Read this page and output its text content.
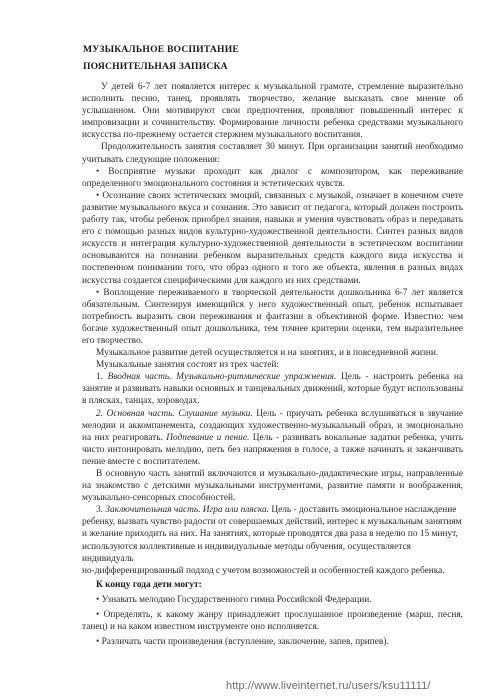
МУЗЫКАЛЬНОЕ ВОСПИТАНИЕ
ПОЯСНИТЕЛЬНАЯ ЗАПИСКА

У детей 6-7 лет появляется интерес к музыкальной грамоте, стремление выразительно исполнить песню, танец, проявлять творчество, желание высказать свое мнение об услышанном. Они мотивируют свои предпочтения, проявляют повышенный интерес к импровизации и сочинительству. Формирование личности ребенка средствами музыкального искусства по-прежнему остается стержнем музыкального воспитания.

Продолжительность занятия составляет 30 минут. При организации занятий необходимо учитывать следующие положения:

• Восприятие музыки проходит как диалог с композитором, как переживание определенного эмоционального состояния и эстетических чувств.

• Осознание своих эстетических эмоций, связанных с музыкой, означает в конечном счете развитие музыкального вкуса и сознания. Это зависит от педагога, который должен построить работу так, чтобы ребенок приобрел знания, навыки и умения чувствовать образ и передавать его с помощью разных видов культурно-художественной деятельности. Синтез разных видов искусств и интеграция культурно-художественной деятельности в эстетическом воспитании основываются на познании ребенком выразительных средств каждого вида искусства и постепенном понимании того, что образ одного и того же объекта, явления в разных видах искусства создается специфическими для каждого из них средствами.

• Воплощение переживаемого в творческой деятельности дошкольника 6-7 лет является обязательным. Синтезируя имеющийся у него художественный опыт, ребенок испытывает потребность выразить свои переживания и фантазии в объективной форме. Известно: чем богаче художественный опыт дошкольника, тем точнее критерии оценки, тем выразительнее его творчество.

Музыкальное развитие детей осуществляется и на занятиях, и в повседневной жизни.

Музыкальные занятия состоят из трех частей:

1. Вводная часть. Музыкально-ритмические упражнения. Цель - настроить ребенка на занятие и развивать навыки основных и танцевальных движений, которые будут использованы в плясках, танцах, хороводах.

2. Основная часть. Слушание музыки. Цель - приучать ребенка вслушиваться в звучание мелодии и аккомпанемента, создающих художественно-музыкальный образ, и эмоционально на них реагировать. Подпевание и пение. Цель - развивать вокальные задатки ребенка, учить чисто интонировать мелодию, петь без напряжения в голосе, а также начинать и заканчивать пение вместе с воспитателем.

В основную часть занятий включаются и музыкально-дидактические игры, направленные на знакомство с детскими музыкальными инструментами, развитие памяти и воображения, музыкально-сенсорных способностей.

3. Заключительная часть. Игра или пляска. Цель - доставить эмоциональное наслаждение ребенку, вызвать чувство радости от совершаемых действий, интерес к музыкальным занятиям

и желание приходить на них. На занятиях, которые проводятся два раза в неделю по 15 минут, используются коллективные и индивидуальные методы обучения, осуществляется индивидуаль

но-дифференцированный подход с учетом возможностей и особенностей каждого ребенка.

К концу года дети могут:

• Узнавать мелодию Государственного гимна Российской Федерации.

• Определять, к какому жанру принадлежит прослушанное произведение (марш, песня, танец) и на каком известном инструменте оно исполняется.

• Различать части произведения (вступление, заключение, запев, припев).

http://www.liveinternet.ru/users/ksu11111/
